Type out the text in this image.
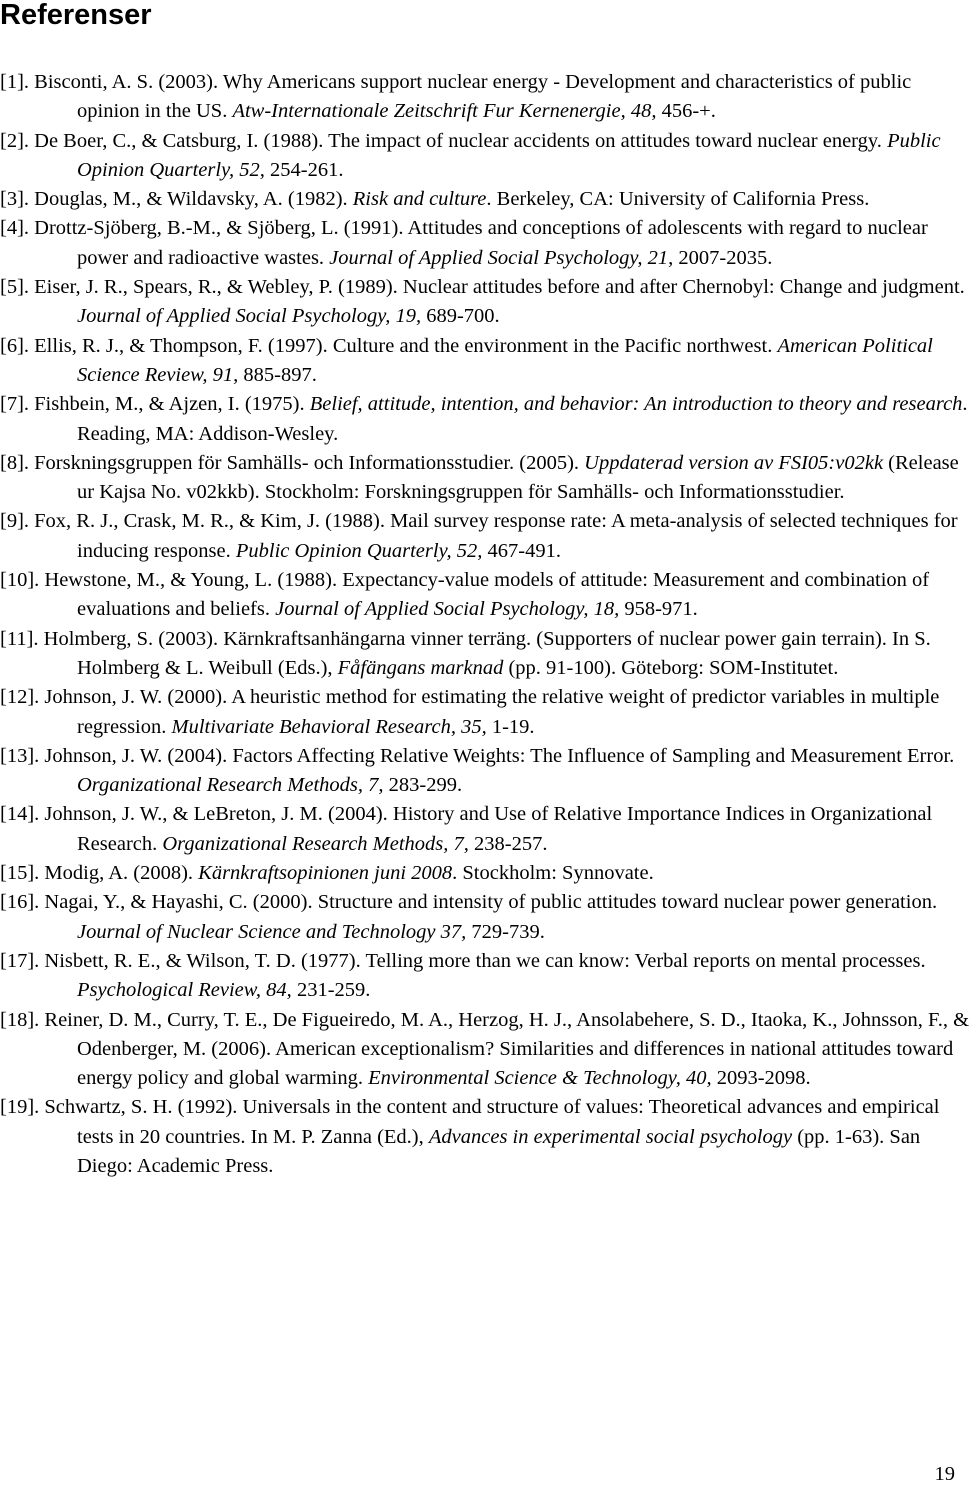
Referenser
[1]. Bisconti, A. S. (2003). Why Americans support nuclear energy - Development and characteristics of public opinion in the US. Atw-Internationale Zeitschrift Fur Kernenergie, 48, 456-+.
[2]. De Boer, C., & Catsburg, I. (1988). The impact of nuclear accidents on attitudes toward nuclear energy. Public Opinion Quarterly, 52, 254-261.
[3]. Douglas, M., & Wildavsky, A. (1982). Risk and culture. Berkeley, CA: University of California Press.
[4]. Drottz-Sjöberg, B.-M., & Sjöberg, L. (1991). Attitudes and conceptions of adolescents with regard to nuclear power and radioactive wastes. Journal of Applied Social Psychology, 21, 2007-2035.
[5]. Eiser, J. R., Spears, R., & Webley, P. (1989). Nuclear attitudes before and after Chernobyl: Change and judgment. Journal of Applied Social Psychology, 19, 689-700.
[6]. Ellis, R. J., & Thompson, F. (1997). Culture and the environment in the Pacific northwest. American Political Science Review, 91, 885-897.
[7]. Fishbein, M., & Ajzen, I. (1975). Belief, attitude, intention, and behavior: An introduction to theory and research. Reading, MA: Addison-Wesley.
[8]. Forskningsgruppen för Samhälls- och Informationsstudier. (2005). Uppdaterad version av FSI05:v02kk (Release ur Kajsa No. v02kkb). Stockholm: Forskningsgruppen för Samhälls- och Informationsstudier.
[9]. Fox, R. J., Crask, M. R., & Kim, J. (1988). Mail survey response rate: A meta-analysis of selected techniques for inducing response. Public Opinion Quarterly, 52, 467-491.
[10]. Hewstone, M., & Young, L. (1988). Expectancy-value models of attitude: Measurement and combination of evaluations and beliefs. Journal of Applied Social Psychology, 18, 958-971.
[11]. Holmberg, S. (2003). Kärnkraftsanhängarna vinner terräng. (Supporters of nuclear power gain terrain). In S. Holmberg & L. Weibull (Eds.), Fåfängans marknad (pp. 91-100). Göteborg: SOM-Institutet.
[12]. Johnson, J. W. (2000). A heuristic method for estimating the relative weight of predictor variables in multiple regression. Multivariate Behavioral Research, 35, 1-19.
[13]. Johnson, J. W. (2004). Factors Affecting Relative Weights: The Influence of Sampling and Measurement Error. Organizational Research Methods, 7, 283-299.
[14]. Johnson, J. W., & LeBreton, J. M. (2004). History and Use of Relative Importance Indices in Organizational Research. Organizational Research Methods, 7, 238-257.
[15]. Modig, A. (2008). Kärnkraftsopinionen juni 2008. Stockholm: Synnovate.
[16]. Nagai, Y., & Hayashi, C. (2000). Structure and intensity of public attitudes toward nuclear power generation. Journal of Nuclear Science and Technology 37, 729-739.
[17]. Nisbett, R. E., & Wilson, T. D. (1977). Telling more than we can know: Verbal reports on mental processes. Psychological Review, 84, 231-259.
[18]. Reiner, D. M., Curry, T. E., De Figueiredo, M. A., Herzog, H. J., Ansolabehere, S. D., Itaoka, K., Johnsson, F., & Odenberger, M. (2006). American exceptionalism? Similarities and differences in national attitudes toward energy policy and global warming. Environmental Science & Technology, 40, 2093-2098.
[19]. Schwartz, S. H. (1992). Universals in the content and structure of values: Theoretical advances and empirical tests in 20 countries. In M. P. Zanna (Ed.), Advances in experimental social psychology (pp. 1-63). San Diego: Academic Press.
19
